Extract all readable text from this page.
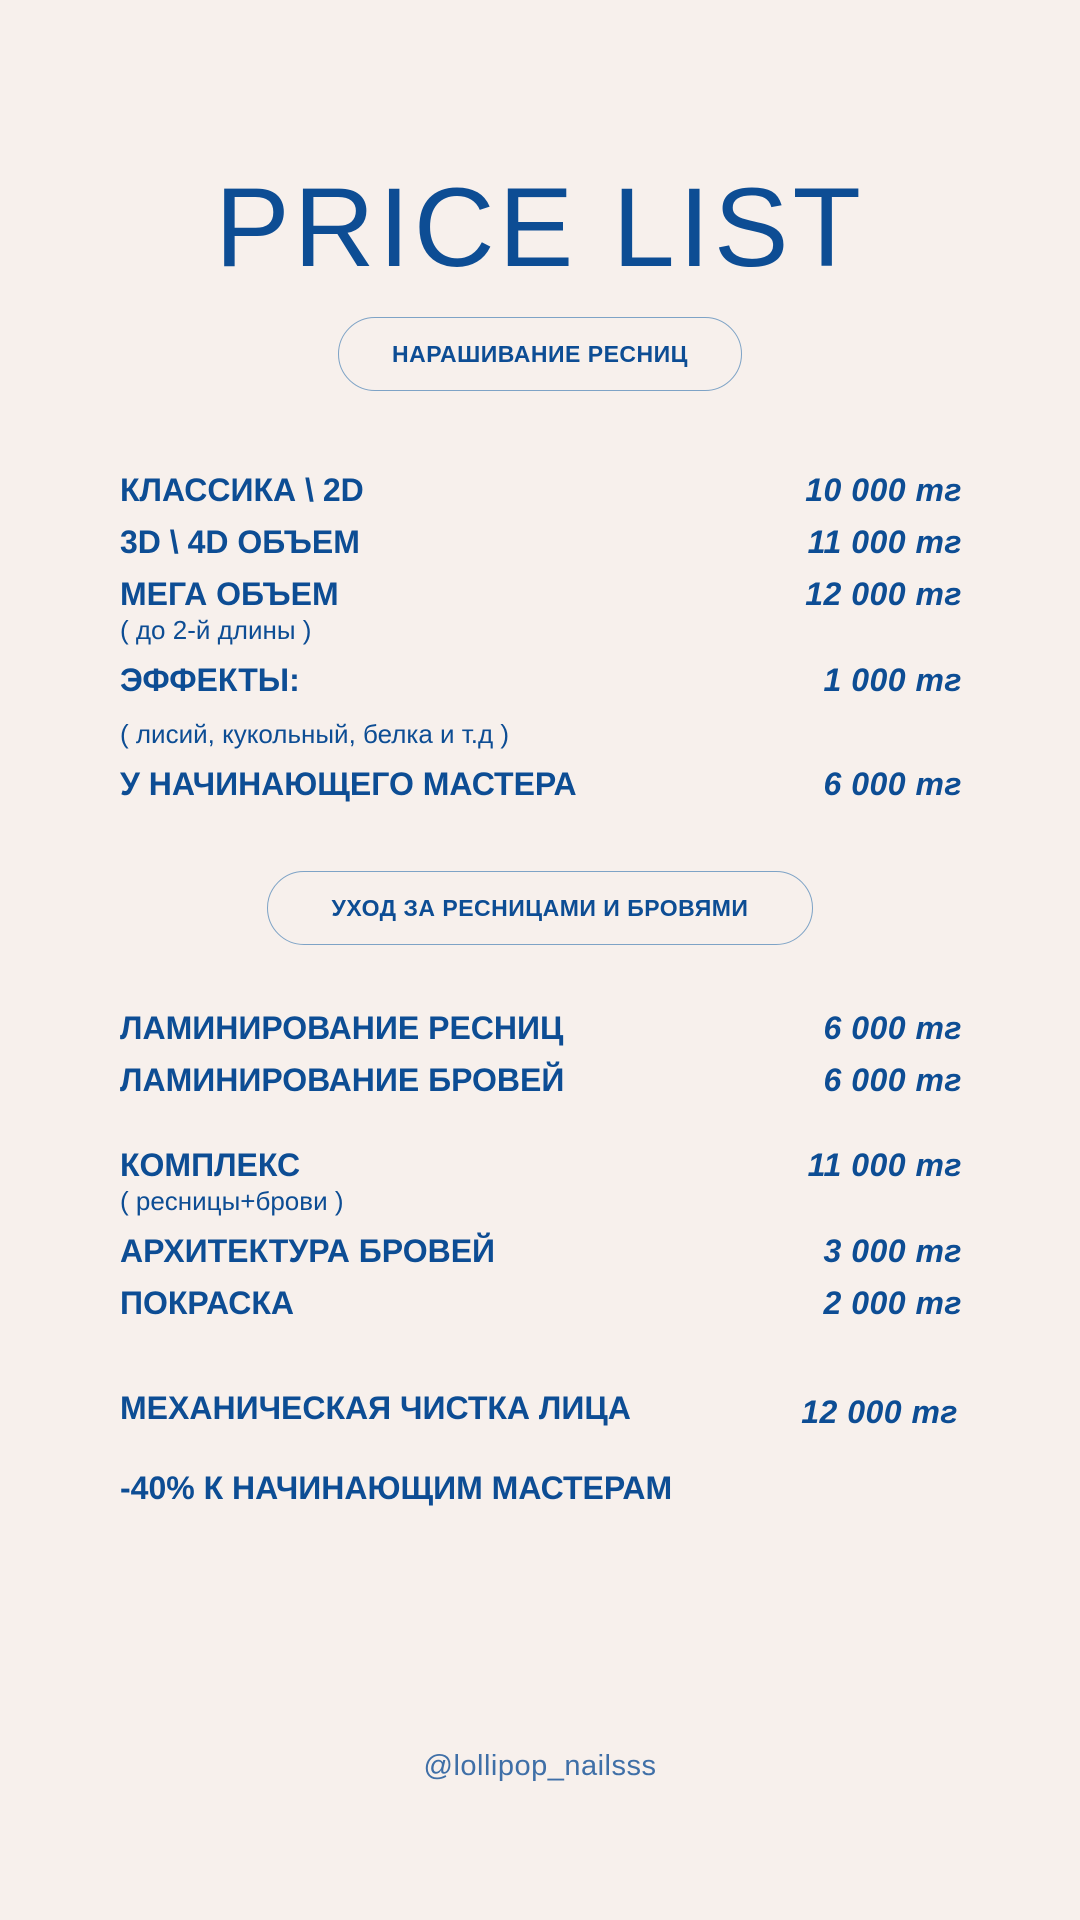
PRICE LIST
НАРАШИВАНИЕ РЕСНИЦ
КЛАССИКА \ 2D	10 000 тг
3D \ 4D ОБЪЕМ	11 000 тг
МЕГА ОБЪЕМ	12 000 тг
( до 2-й длины )
ЭФФЕКТЫ:	1 000 тг
( лисий, кукольный, белка и т.д )
У НАЧИНАЮЩЕГО МАСТЕРА	6 000 тг
УХОД ЗА РЕСНИЦАМИ И БРОВЯМИ
ЛАМИНИРОВАНИЕ РЕСНИЦ	6 000 тг
ЛАМИНИРОВАНИЕ БРОВЕЙ	6 000 тг
КОМПЛЕКС	11 000 тг
( ресницы+брови )
АРХИТЕКТУРА БРОВЕЙ	3 000 тг
ПОКРАСКА	2 000 тг
МЕХАНИЧЕСКАЯ ЧИСТКА ЛИЦА	12 000 тг
-40% К НАЧИНАЮЩИМ МАСТЕРАМ
@lollipop_nailsss
